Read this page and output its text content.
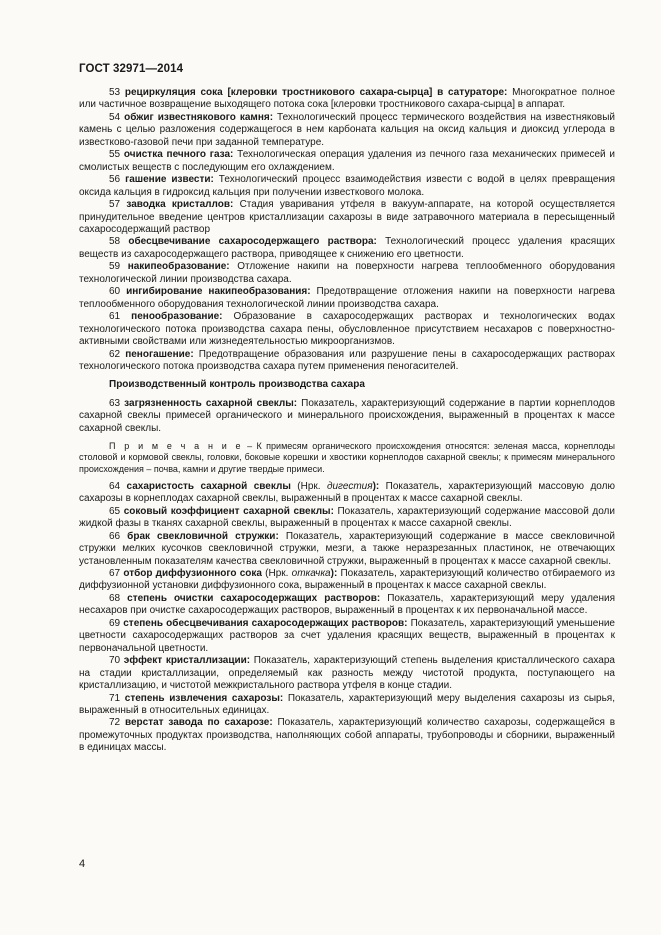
ГОСТ 32971—2014

53 рециркуляция сока [клеровки тростникового сахара-сырца] в сатураторе: Многократное полное или частичное возвращение выходящего потока сока [клеровки тростникового сахара-сырца] в аппарат.

54 обжиг известнякового камня: Технологический процесс термического воздействия на известняковый камень с целью разложения содержащегося в нем карбоната кальция на оксид кальция и диоксид углерода в известково-газовой печи при заданной температуре.

55 очистка печного газа: Технологическая операция удаления из печного газа механических примесей и смолистых веществ с последующим его охлаждением.

56 гашение извести: Технологический процесс взаимодействия извести с водой в целях превращения оксида кальция в гидроксид кальция при получении известкового молока.

57 заводка кристаллов: Стадия уваривания утфеля в вакуум-аппарате, на которой осуществляется принудительное введение центров кристаллизации сахарозы в виде затравочного материала в пересыщенный сахаросодержащий раствор

58 обесцвечивание сахаросодержащего раствора: Технологический процесс удаления красящих веществ из сахаросодержащего раствора, приводящее к снижению его цветности.

59 накипеобразование: Отложение накипи на поверхности нагрева теплообменного оборудования технологической линии производства сахара.

60 ингибирование накипеобразования: Предотвращение отложения накипи на поверхности нагрева теплообменного оборудования технологической линии производства сахара.

61 пенообразование: Образование в сахаросодержащих растворах и технологических водах технологического потока производства сахара пены, обусловленное присутствием несахаров с поверхностно-активными свойствами или жизнедеятельностью микроорганизмов.

62 пеногашение: Предотвращение образования или разрушение пены в сахаросодержащих растворах технологического потока производства сахара путем применения пеногасителей.

Производственный контроль производства сахара

63 загрязненность сахарной свеклы: Показатель, характеризующий содержание в партии корнеплодов сахарной свеклы примесей органического и минерального происхождения, выраженный в процентах к массе сахарной свеклы.

П р и м е ч а н и е – К примесям органического происхождения относятся: зеленая масса, корнеплоды столовой и кормовой свеклы, головки, боковые корешки и хвостики корнеплодов сахарной свеклы; к примесям минерального происхождения – почва, камни и другие твердые примеси.

64 сахаристость сахарной свеклы (Нрк. дигестия): Показатель, характеризующий массовую долю сахарозы в корнеплодах сахарной свеклы, выраженный в процентах к массе сахарной свеклы.

65 соковый коэффициент сахарной свеклы: Показатель, характеризующий содержание массовой доли жидкой фазы в тканях сахарной свеклы, выраженный в процентах к массе сахарной свеклы.

66 брак свекловичной стружки: Показатель, характеризующий содержание в массе свекловичной стружки мелких кусочков свекловичной стружки, мезги, а также неразрезанных пластинок, не отвечающих установленным показателям качества свекловичной стружки, выраженный в процентах к массе сахарной свеклы.

67 отбор диффузионного сока (Нрк. откачка): Показатель, характеризующий количество отбираемого из диффузионной установки диффузионного сока, выраженный в процентах к массе сахарной свеклы.

68 степень очистки сахаросодержащих растворов: Показатель, характеризующий меру удаления несахаров при очистке сахаросодержащих растворов, выраженный в процентах к их первоначальной массе.

69 степень обесцвечивания сахаросодержащих растворов: Показатель, характеризующий уменьшение цветности сахаросодержащих растворов за счет удаления красящих веществ, выраженный в процентах к первоначальной цветности.

70 эффект кристаллизации: Показатель, характеризующий степень выделения кристаллического сахара на стадии кристаллизации, определяемый как разность между чистотой продукта, поступающего на кристаллизацию, и чистотой межкристального раствора утфеля в конце стадии.

71 степень извлечения сахарозы: Показатель, характеризующий меру выделения сахарозы из сырья, выраженный в относительных единицах.

72 верстат завода по сахарозе: Показатель, характеризующий количество сахарозы, содержащейся в промежуточных продуктах производства, наполняющих собой аппараты, трубопроводы и сборники, выраженный в единицах массы.

4
